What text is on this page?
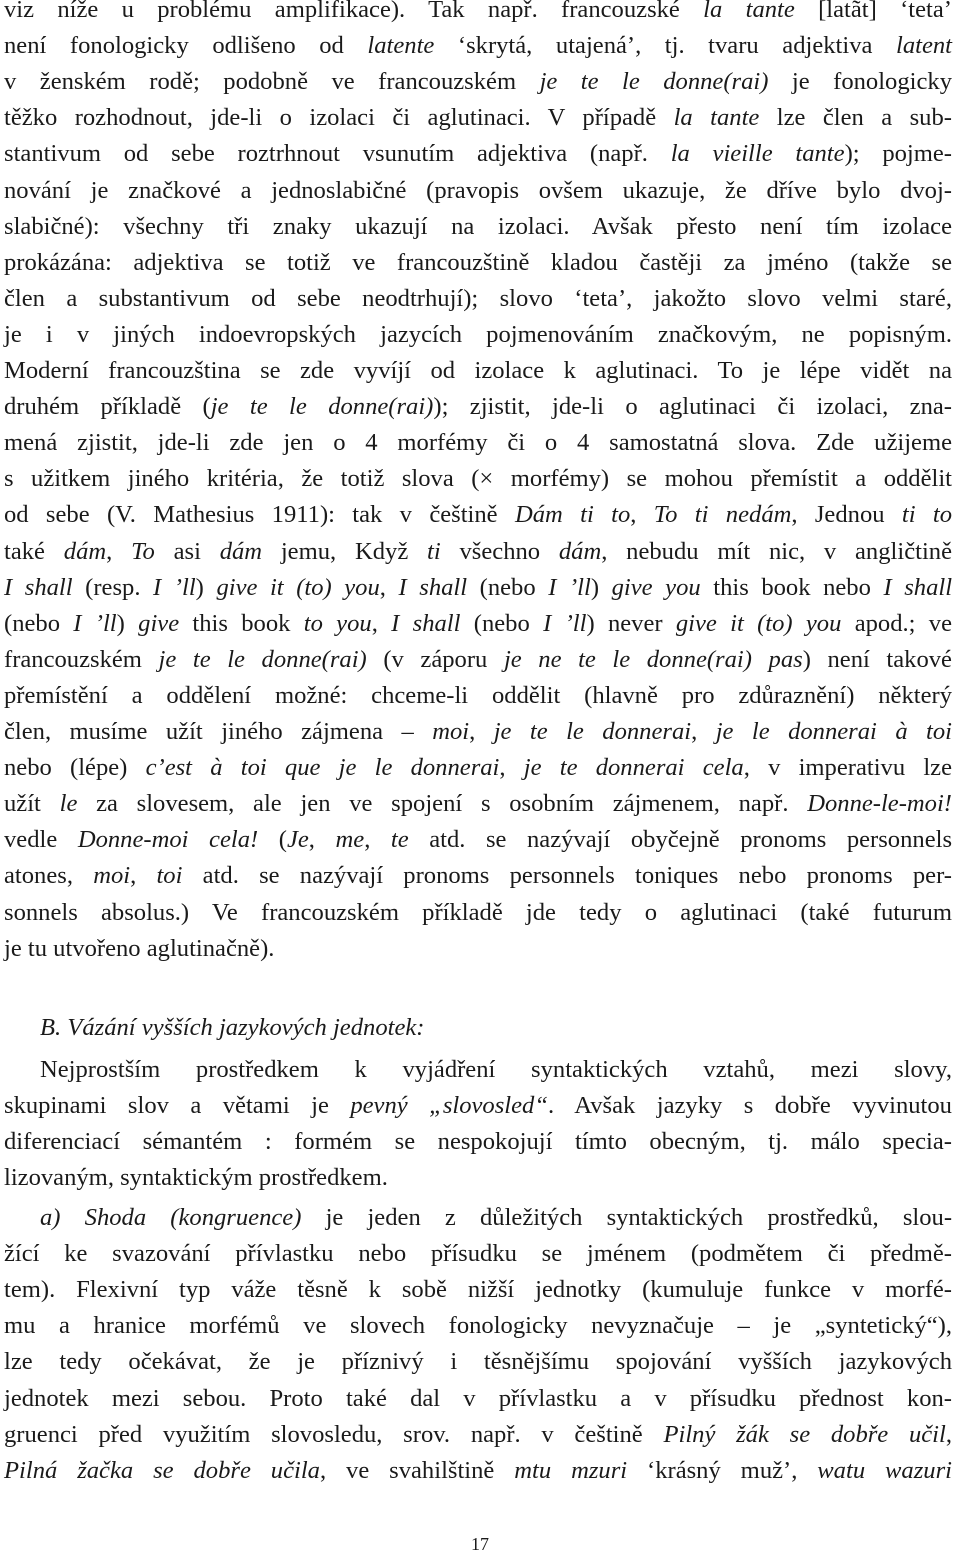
viz níže u problému amplifikace). Tak např. francouzské la tante [latãt] ‘teta’
není fonologicky odlišeno od latente ‘skrytá, utajená’, tj. tvaru adjektiva latent
v ženském rodě; podobně ve francouzském je te le donne(rai) je fonologicky
těžko rozhodnout, jde-li o izolaci či aglutinaci. V případě la tante lze člen a sub-
stantivum od sebe roztrhnout vsunutím adjektiva (např. la vieille tante); pojme-
nování je značkové a jednoslabičné (pravopis ovšem ukazuje, že dříve bylo dvoj-
slabičné): všechny tři znaky ukazují na izolaci. Avšak přesto není tím izolace
prokázána: adjektiva se totiž ve francouzštině kladou častěji za jméno (takže se
člen a substantivum od sebe neodtrhují); slovo ‘teta’, jakožto slovo velmi staré,
je i v jiných indoevropských jazycích pojmenováním značkovým, ne popisným.
Moderní francouzština se zde vyvíjí od izolace k aglutinaci. To je lépe vidět na
druhém příkladě (je te le donne(rai)); zjistit, jde-li o aglutinaci či izolaci, zna-
mená zjistit, jde-li zde jen o 4 morfémy či o 4 samostatná slova. Zde užijeme
s užitkem jiného kritéria, že totiž slova (× morfémy) se mohou přemístit a oddělit
od sebe (V. Mathesius 1911): tak v češtině Dám ti to, To ti nedám, Jednou ti to
také dám, To asi dám jemu, Když ti všechno dám, nebudu mít nic, v angličtině
I shall (resp. I ’ll) give it (to) you, I shall (nebo I ’ll) give you this book nebo I shall
(nebo I ’ll) give this book to you, I shall (nebo I ’ll) never give it (to) you apod.; ve
francouzském je te le donne(rai) (v záporu je ne te le donne(rai) pas) není takové
přemístění a oddělení možné: chceme-li oddělit (hlavně pro zdůraznění) některý
člen, musíme užít jiného zájmena – moi, je te le donnerai, je le donnerai à toi
nebo (lépe) c’est à toi que je le donnerai, je te donnerai cela, v imperativu lze
užít le za slovesem, ale jen ve spojení s osobním zájmenem, např. Donne-le-moi!
vedle Donne-moi cela! (Je, me, te atd. se nazývají obyčejně pronoms personnels
atones, moi, toi atd. se nazývají pronoms personnels toniques nebo pronoms per-
sonnels absolus.) Ve francouzském příkladě jde tedy o aglutinaci (také futurum
je tu utvořeno aglutinačně).
B. Vázání vyšších jazykových jednotek:
Nejprostším prostředkem k vyjádření syntaktických vztahů, mezi slovy,
skupinami slov a větami je pevný „slovosled“. Avšak jazyky s dobře vyvinutou
diferenciací sémantém : formém se nespokojují tímto obecným, tj. málo specia-
lizovaným, syntaktickým prostředkem.
a) Shoda (kongruence) je jeden z důležitých syntaktických prostředků, slou-
žící ke svazování přívlastku nebo přísudku se jménem (podmětem či předmě-
tem). Flexivní typ váže těsně k sobě nižší jednotky (kumuluje funkce v morfé-
mu a hranice morfémů ve slovech fonologicky nevyznačuje – je „syntetický“),
lze tedy očekávat, že je příznivý i těsnějšímu spojování vyšších jazykových
jednotek mezi sebou. Proto také dal v přívlastku a v přísudku přednost kon-
gruenci před využitím slovosledu, srov. např. v češtině Pilný žák se dobře učil,
Pilná žačka se dobře učila, ve svahilštině mtu mzuri ‘krásný muž’, watu wazuri
17
